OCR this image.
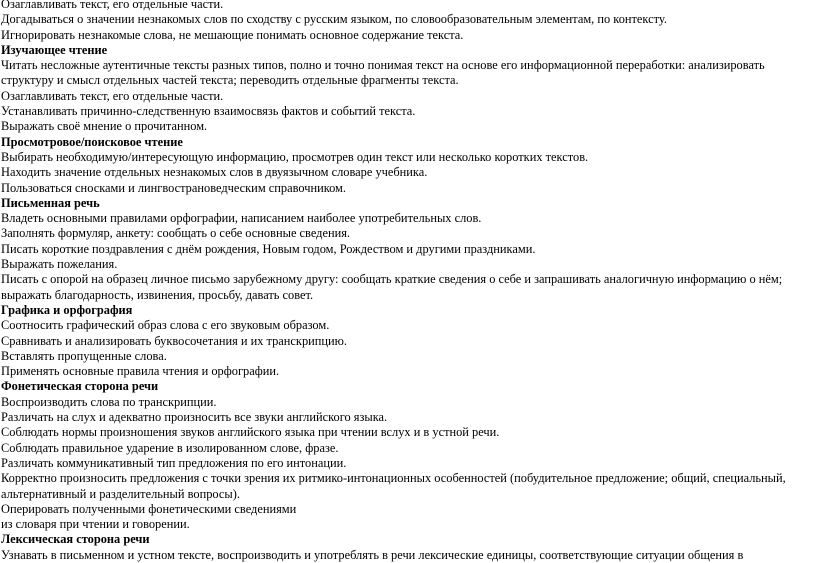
Озаглавливать текст, его отдельные части.
Догадываться о значении незнакомых слов по сходству с русским языком, по словообразовательным элементам, по контексту.
Игнорировать незнакомые слова, не мешающие понимать основное содержание текста.
Изучающее чтение
Читать несложные аутентичные тексты разных типов, полно и точно понимая текст на основе его информационной переработки: анализировать структуру и смысл отдельных частей текста; переводить отдельные фрагменты текста.
Озаглавливать текст, его отдельные части.
Устанавливать причинно-следственную взаимосвязь фактов и событий текста.
Выражать своё мнение о прочитанном.
Просмотровое/поисковое чтение
Выбирать необходимую/интересующую информацию, просмотрев один текст или несколько коротких текстов.
Находить значение отдельных незнакомых слов в двуязычном словаре учебника.
Пользоваться сносками и лингвострановедческим справочником.
Письменная речь
Владеть основными правилами орфографии, написанием наиболее употребительных слов.
Заполнять формуляр, анкету: сообщать о себе основные сведения.
Писать короткие поздравления с днём рождения, Новым годом, Рождеством и другими праздниками.
Выражать пожелания.
Писать с опорой на образец личное письмо зарубежному другу: сообщать краткие сведения о себе и запрашивать аналогичную информацию о нём; выражать благодарность, извинения, просьбу, давать совет.
Графика и орфография
Соотносить графический образ слова с его звуковым образом.
Сравнивать и анализировать буквосочетания и их транскрипцию.
Вставлять пропущенные слова.
Применять основные правила чтения и орфографии.
Фонетическая сторона речи
Воспроизводить слова по транскрипции.
Различать на слух и адекватно произносить все звуки английского языка.
Соблюдать нормы произношения звуков английского языка при чтении вслух и в устной речи.
Соблюдать правильное ударение в изолированном слове, фразе.
Различать коммуникативный тип предложения по его интонации.
Корректно произносить предложения с точки зрения их ритмико-интонационных особенностей (побудительное предложение; общий, специальный, альтернативный и разделительный вопросы).
Оперировать полученными фонетическими сведениями
из словаря при чтении и говорении.
Лексическая сторона речи
Узнавать в письменном и устном тексте, воспроизводить и употреблять в речи лексические единицы, соответствующие ситуации общения в
